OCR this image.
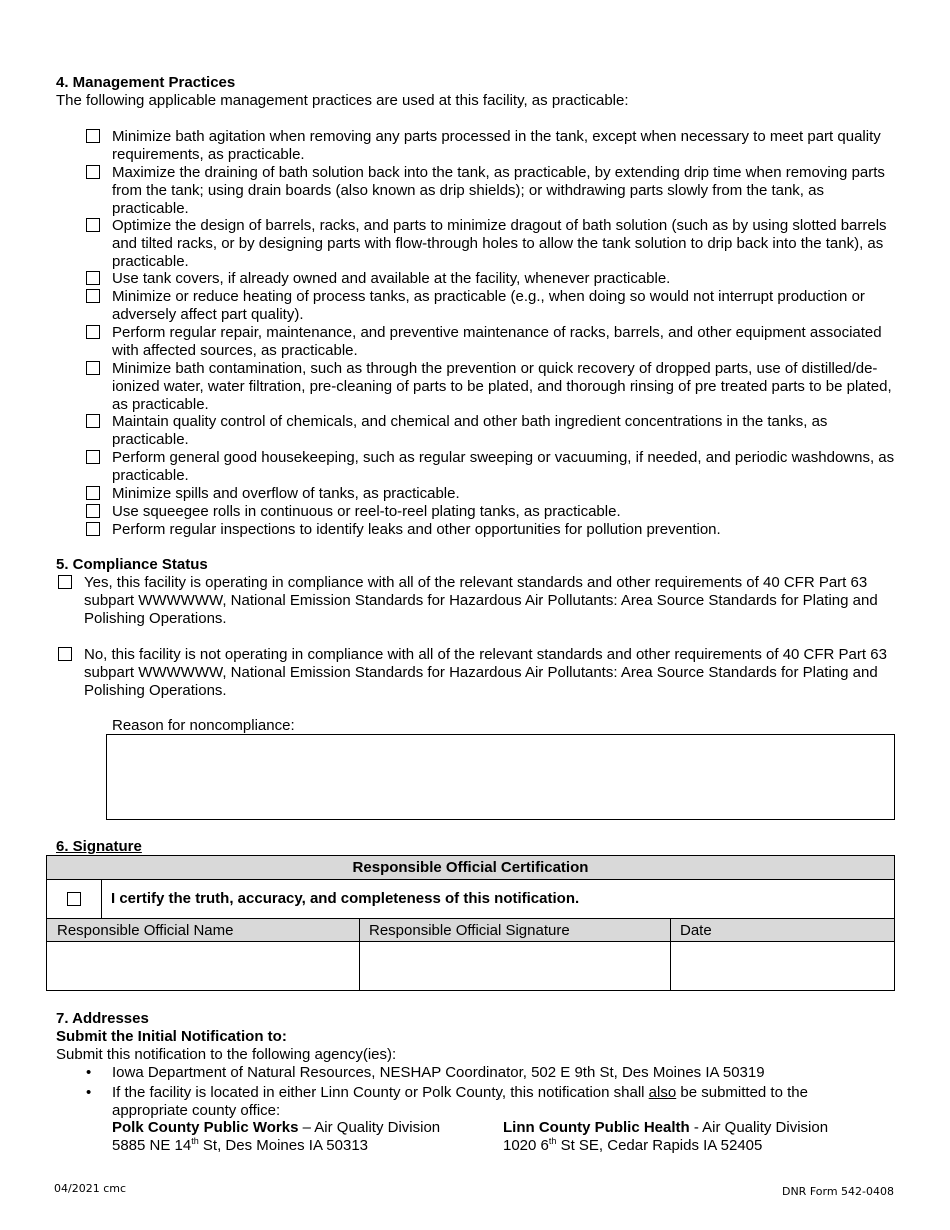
4. Management Practices
The following applicable management practices are used at this facility, as practicable:
Minimize bath agitation when removing any parts processed in the tank, except when necessary to meet part quality requirements, as practicable.
Maximize the draining of bath solution back into the tank, as practicable, by extending drip time when removing parts from the tank; using drain boards (also known as drip shields); or withdrawing parts slowly from the tank, as practicable.
Optimize the design of barrels, racks, and parts to minimize dragout of bath solution (such as by using slotted barrels and tilted racks, or by designing parts with flow-through holes to allow the tank solution to drip back into the tank), as practicable.
Use tank covers, if already owned and available at the facility, whenever practicable.
Minimize or reduce heating of process tanks, as practicable (e.g., when doing so would not interrupt production or adversely affect part quality).
Perform regular repair, maintenance, and preventive maintenance of racks, barrels, and other equipment associated with affected sources, as practicable.
Minimize bath contamination, such as through the prevention or quick recovery of dropped parts, use of distilled/de-ionized water, water filtration, pre-cleaning of parts to be plated, and thorough rinsing of pre treated parts to be plated, as practicable.
Maintain quality control of chemicals, and chemical and other bath ingredient concentrations in the tanks, as practicable.
Perform general good housekeeping, such as regular sweeping or vacuuming, if needed, and periodic washdowns, as practicable.
Minimize spills and overflow of tanks, as practicable.
Use squeegee rolls in continuous or reel-to-reel plating tanks, as practicable.
Perform regular inspections to identify leaks and other opportunities for pollution prevention.
5. Compliance Status
Yes, this facility is operating in compliance with all of the relevant standards and other requirements of 40 CFR Part 63 subpart WWWWWW, National Emission Standards for Hazardous Air Pollutants: Area Source Standards for Plating and Polishing Operations.
No, this facility is not operating in compliance with all of the relevant standards and other requirements of 40 CFR Part 63 subpart WWWWWW, National Emission Standards for Hazardous Air Pollutants: Area Source Standards for Plating and Polishing Operations.
Reason for noncompliance:
6. Signature
Responsible Official Certification
I certify the truth, accuracy, and completeness of this notification.
Responsible Official Name	Responsible Official Signature	Date
7. Addresses
Submit the Initial Notification to:
Submit this notification to the following agency(ies):
• Iowa Department of Natural Resources, NESHAP Coordinator, 502 E 9th St, Des Moines IA 50319
• If the facility is located in either Linn County or Polk County, this notification shall also be submitted to the appropriate county office:
Polk County Public Works – Air Quality Division
5885 NE 14th St, Des Moines IA 50313
Linn County Public Health - Air Quality Division
1020 6th St SE, Cedar Rapids IA 52405
04/2021 cmc	DNR Form 542-0408
